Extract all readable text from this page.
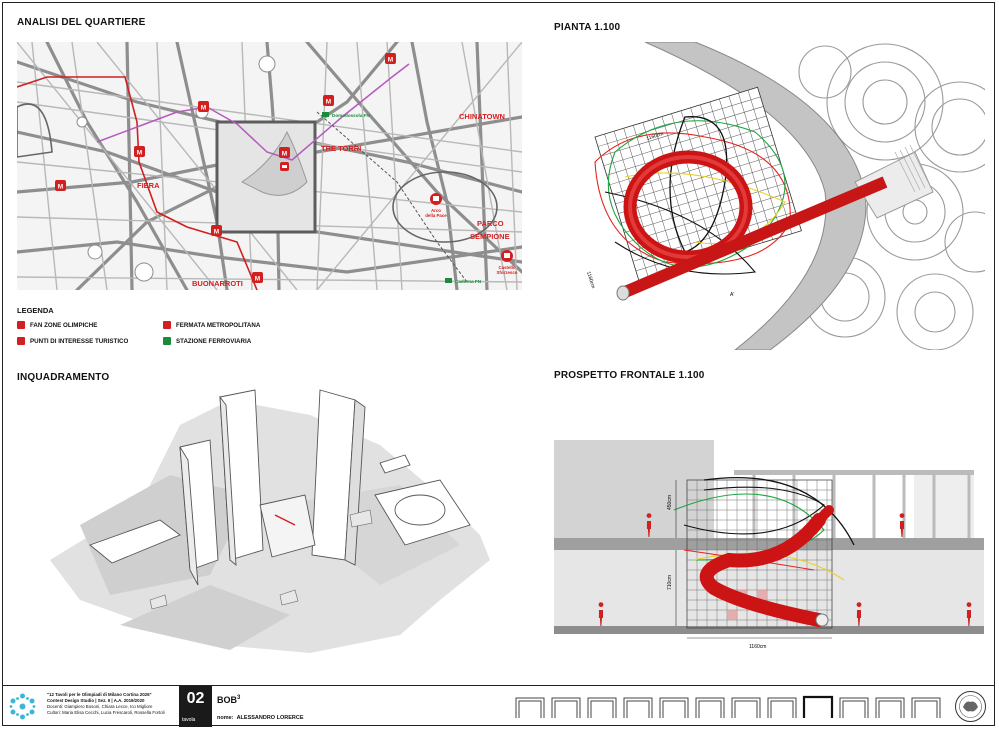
ANALISI DEL QUARTIERE	PIANTA 1.100
INQUADRAMENTO	PROSPETTO FRONTALE 1.100
CHINATOWN
TRE TORRI
FIERA
PARCO
SEMPIONE
BUONARROTI
Domodossola FN
Cadorna FN
Arco
della Pace
Castello
Sforzesco
M
M
M
M
M
M
M
M
LEGENDA
FAN ZONE OLIMPICHE
PUNTI DI INTERESSE TURISTICO
FERMATA METROPOLITANA
STAZIONE FERROVIARIA
1160cm
1160cm
A'
1160cm
450cm
710cm
"12 Tavoli per le Olimpiadi di Milano Cortina 2026"
Contest Design Studio | Sez. II | A.A. 2019/2020
Docenti: Giampiero Bosoni, Chiara Lecce, Ico Migliore
Cultori: Maria Elisa Cecchi, Lucia Frescaroli, Rossella Fortoli
02
tavola
BOB$^3$
nome: ALESSANDRO LORERCE
